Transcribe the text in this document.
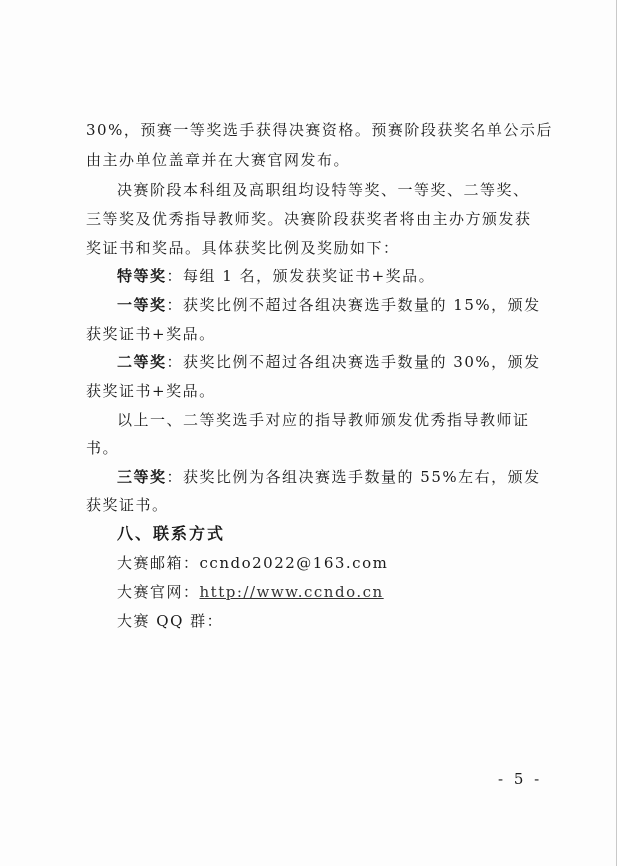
30%，预赛一等奖选手获得决赛资格。预赛阶段获奖名单公示后
由主办单位盖章并在大赛官网发布。
决赛阶段本科组及高职组均设特等奖、一等奖、二等奖、
三等奖及优秀指导教师奖。决赛阶段获奖者将由主办方颁发获
奖证书和奖品。具体获奖比例及奖励如下：
特等奖：每组 1 名，颁发获奖证书+奖品。
一等奖：获奖比例不超过各组决赛选手数量的 15%，颁发
获奖证书+奖品。
二等奖：获奖比例不超过各组决赛选手数量的 30%，颁发
获奖证书+奖品。
以上一、二等奖选手对应的指导教师颁发优秀指导教师证
书。
三等奖：获奖比例为各组决赛选手数量的 55%左右，颁发
获奖证书。
八、联系方式
大赛邮箱：ccndo2022@163.com
大赛官网：http://www.ccndo.cn
大赛 QQ 群：
- 5 -
